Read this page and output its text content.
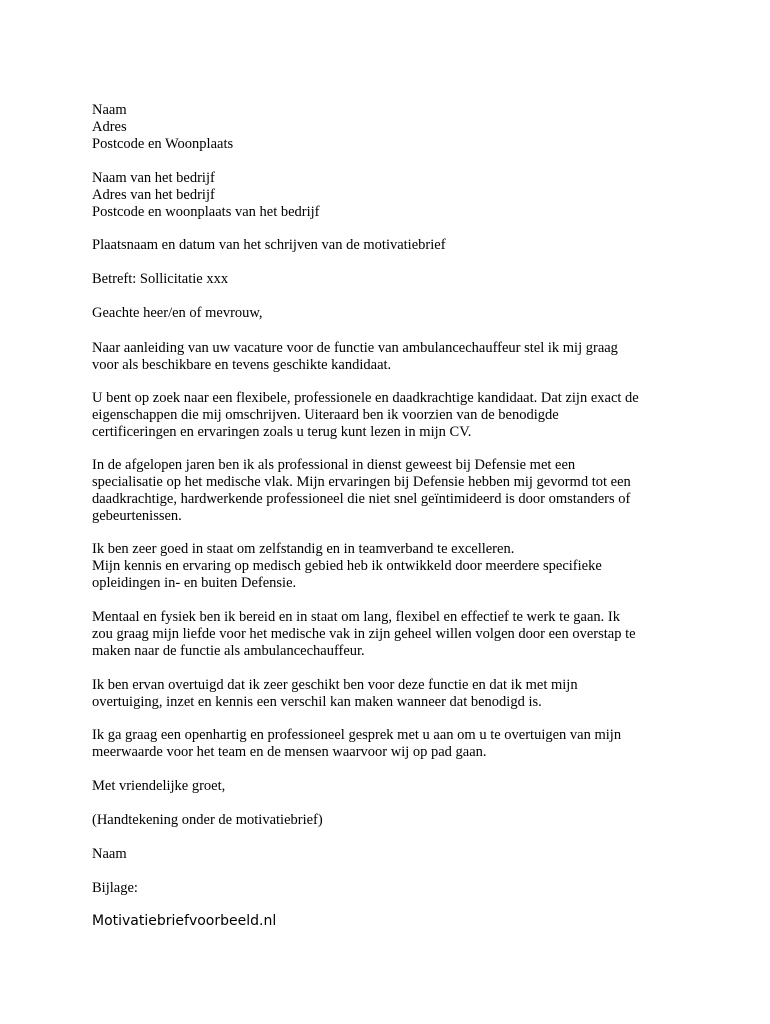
Naam

Adres

Postcode en Woonplaats

Naam van het bedrijf

Adres van het bedrijf

Postcode en woonplaats van het bedrijf

Plaatsnaam en datum van het schrijven van de motivatiebrief

Betreft: Sollicitatie xxx

Geachte heer/en of mevrouw,

Naar aanleiding van uw vacature voor de functie van ambulancechauffeur stel ik mij graag

voor als beschikbare en tevens geschikte kandidaat.

U bent op zoek naar een flexibele, professionele en daadkrachtige kandidaat. Dat zijn exact de

eigenschappen die mij omschrijven. Uiteraard ben ik voorzien van de benodigde

certificeringen en ervaringen zoals u terug kunt lezen in mijn CV.

In de afgelopen jaren ben ik als professional in dienst geweest bij Defensie met een

specialisatie op het medische vlak. Mijn ervaringen bij Defensie hebben mij gevormd tot een

daadkrachtige, hardwerkende professioneel die niet snel geïntimideerd is door omstanders of

gebeurtenissen.

Ik ben zeer goed in staat om zelfstandig en in teamverband te excelleren.

Mijn kennis en ervaring op medisch gebied heb ik ontwikkeld door meerdere specifieke

opleidingen in- en buiten Defensie.

Mentaal en fysiek ben ik bereid en in staat om lang, flexibel en effectief te werk te gaan. Ik

zou graag mijn liefde voor het medische vak in zijn geheel willen volgen door een overstap te

maken naar de functie als ambulancechauffeur.

Ik ben ervan overtuigd dat ik zeer geschikt ben voor deze functie en dat ik met mijn

overtuiging, inzet en kennis een verschil kan maken wanneer dat benodigd is.

Ik ga graag een openhartig en professioneel gesprek met u aan om u te overtuigen van mijn

meerwaarde voor het team en de mensen waarvoor wij op pad gaan.

Met vriendelijke groet,

(Handtekening onder de motivatiebrief)

Naam

Bijlage:

Motivatiebriefvoorbeeld.nl
